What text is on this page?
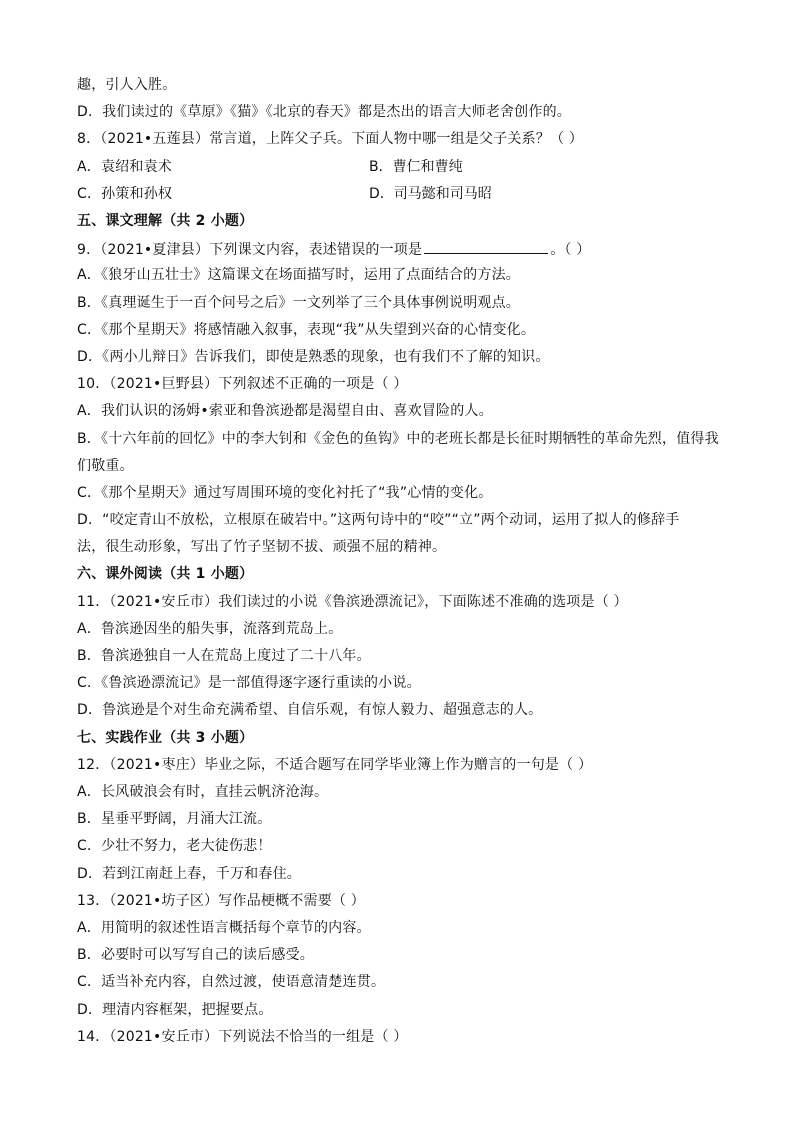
趣，引人入胜。
D．我们读过的《草原》《猫》《北京的春天》都是杰出的语言大师老舍创作的。
8．（2021•五莲县）常言道，上阵父子兵。下面人物中哪一组是父子关系？（ ）
A．袁绍和袁术	B．曹仁和曹纯
C．孙策和孙权	D．司马懿和司马昭
五、课文理解（共 2 小题）
9．（2021•夏津县）下列课文内容，表述错误的一项是	。（ ）
A．《狼牙山五壮士》这篇课文在场面描写时，运用了点面结合的方法。
B．《真理诞生于一百个问号之后》一文列举了三个具体事例说明观点。
C．《那个星期天》将感情融入叙事，表现“我”从失望到兴奋的心情变化。
D．《两小儿辩日》告诉我们，即使是熟悉的现象，也有我们不了解的知识。
10．（2021•巨野县）下列叙述不正确的一项是（ ）
A．我们认识的汤姆•索亚和鲁滨逊都是渴望自由、喜欢冒险的人。
B．《十六年前的回忆》中的李大钊和《金色的鱼钩》中的老班长都是长征时期牺牲的革命先烈，值得我
们敬重。
C．《那个星期天》通过写周围环境的变化衬托了“我”心情的变化。
D．“咬定青山不放松，立根原在破岩中。”这两句诗中的“咬”“立”两个动词，运用了拟人的修辞手
法，很生动形象，写出了竹子坚韧不拔、顽强不屈的精神。
六、课外阅读（共 1 小题）
11．（2021•安丘市）我们读过的小说《鲁滨逊漂流记》，下面陈述不准确的选项是（ ）
A．鲁滨逊因坐的船失事，流落到荒岛上。
B．鲁滨逊独自一人在荒岛上度过了二十八年。
C．《鲁滨逊漂流记》是一部值得逐字逐行重读的小说。
D．鲁滨逊是个对生命充满希望、自信乐观，有惊人毅力、超强意志的人。
七、实践作业（共 3 小题）
12．（2021•枣庄）毕业之际，不适合题写在同学毕业簿上作为赠言的一句是（ ）
A．长风破浪会有时，直挂云帆济沧海。
B．星垂平野阔，月涌大江流。
C．少壮不努力，老大徒伤悲！
D．若到江南赶上春，千万和春住。
13．（2021•坊子区）写作品梗概不需要（ ）
A．用简明的叙述性语言概括每个章节的内容。
B．必要时可以写写自己的读后感受。
C．适当补充内容，自然过渡，使语意清楚连贯。
D．理清内容框架，把握要点。
14．（2021•安丘市）下列说法不恰当的一组是（ ）
